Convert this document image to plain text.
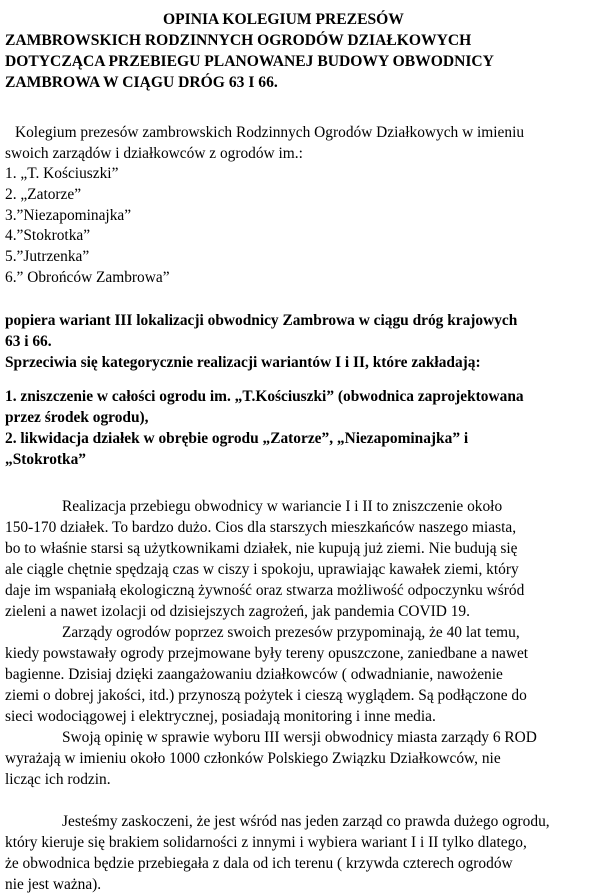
OPINIA KOLEGIUM PREZESÓW
ZAMBROWSKICH RODZINNYCH OGRODÓW DZIAŁKOWYCH
DOTYCZĄCA PRZEBIEGU PLANOWANEJ BUDOWY OBWODNICY
ZAMBROWA W CIĄGU DRÓG 63 I 66.
Kolegium prezesów zambrowskich Rodzinnych Ogrodów Działkowych w imieniu
swoich zarządów i działkowców z ogrodów im.:
1. „T. Kościuszki”
2. „Zatorze”
3.”Niezapominajka”
4.”Stokrotka”
5.”Jutrzenka”
6.” Obrońców Zambrowa”
popiera wariant III lokalizacji obwodnicy Zambrowa w ciągu dróg krajowych
63 i 66.
Sprzeciwia się kategorycznie realizacji wariantów I i II, które zakładają:
1. zniszczenie w całości ogrodu im. „T.Kościuszki” (obwodnica zaprojektowana
przez środek ogrodu),
2. likwidacja działek w obrębie ogrodu „Zatorze”, „Niezapominajka” i
„Stokrotka”
Realizacja przebiegu obwodnicy w wariancie I i II to zniszczenie około
150-170 działek. To bardzo dużo. Cios dla starszych mieszkańców naszego miasta,
bo to właśnie starsi są użytkownikami działek, nie kupują już ziemi. Nie budują się
ale ciągle chętnie spędzają czas w ciszy i spokoju, uprawiając kawałek ziemi, który
daje im wspaniałą ekologiczną żywność oraz stwarza możliwość odpoczynku wśród
zieleni a nawet izolacji od dzisiejszych zagrożeń, jak pandemia COVID 19.
Zarządy ogrodów poprzez swoich prezesów przypominają, że 40 lat temu,
kiedy powstawały ogrody przejmowane były tereny opuszczone, zaniedbane a nawet
bagienne. Dzisiaj dzięki zaangażowaniu działkowców ( odwadnianie, nawożenie
ziemi o dobrej jakości, itd.) przynoszą pożytek i cieszą wyglądem. Są podłączone do
sieci wodociągowej i elektrycznej, posiadają monitoring i inne media.
Swoją opinię w sprawie wyboru III wersji obwodnicy miasta zarządy 6 ROD
wyrażają w imieniu około 1000 członków Polskiego Związku Działkowców, nie
licząc ich rodzin.
Jesteśmy zaskoczeni, że jest wśród nas jeden zarząd co prawda dużego ogrodu,
który kieruje się brakiem solidarności z innymi i wybiera wariant I i II tylko dlatego,
że obwodnica będzie przebiegała z dala od ich terenu ( krzywda czterech ogrodów
nie jest ważna).
